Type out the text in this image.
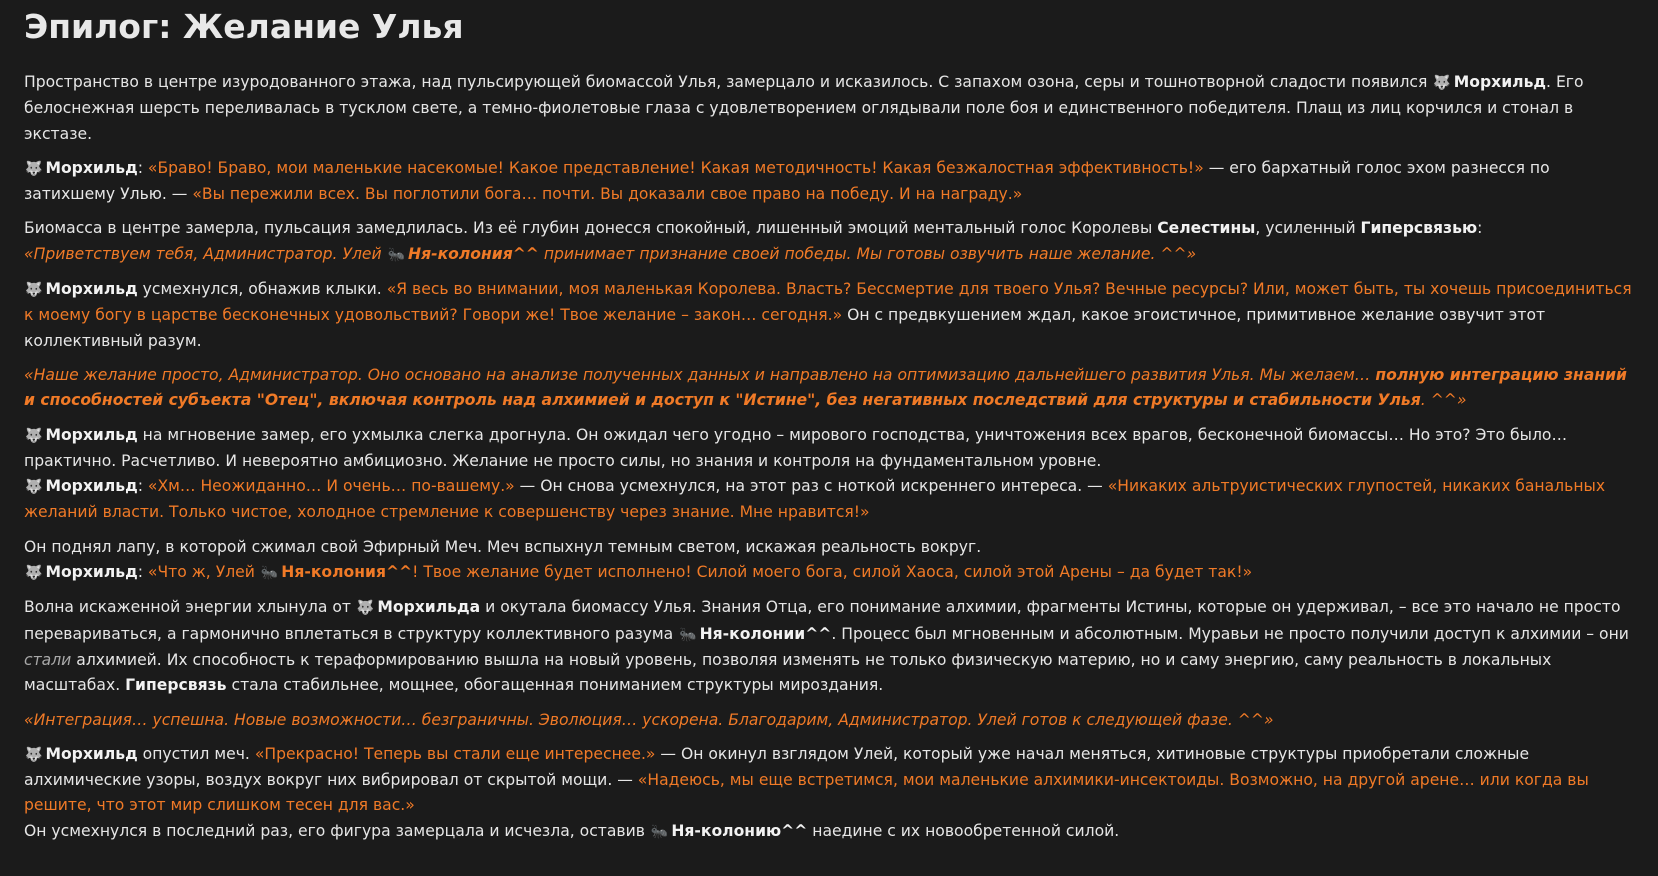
Эпилог: Желание Улья

Пространство в центре изуродованного этажа, над пульсирующей биомассой Улья, замерцало и исказилось. С запахом озона, серы и тошнотворной сладости появился 🐺 Морхильд. Его белоснежная шерсть переливалась в тусклом свете, а темно-фиолетовые глаза с удовлетворением оглядывали поле боя и единственного победителя. Плащ из лиц корчился и стонал в экстазе.

🐺 Морхильд: «Браво! Браво, мои маленькие насекомые! Какое представление! Какая методичность! Какая безжалостная эффективность!» — его бархатный голос эхом разнесся по затихшему Улью. — «Вы пережили всех. Вы поглотили бога… почти. Вы доказали свое право на победу. И на награду.»

Биомасса в центре замерла, пульсация замедлилась. Из её глубин донесся спокойный, лишенный эмоций ментальный голос Королевы Селестины, усиленный Гиперсвязью:
«Приветствуем тебя, Администратор. Улей 🐜 Ня-колония^^ принимает признание своей победы. Мы готовы озвучить наше желание. ^^»

🐺 Морхильд усмехнулся, обнажив клыки. «Я весь во внимании, моя маленькая Королева. Власть? Бессмертие для твоего Улья? Вечные ресурсы? Или, может быть, ты хочешь присоединиться к моему богу в царстве бесконечных удовольствий? Говори же! Твое желание – закон… сегодня.» Он с предвкушением ждал, какое эгоистичное, примитивное желание озвучит этот коллективный разум.

«Наше желание просто, Администратор. Оно основано на анализе полученных данных и направлено на оптимизацию дальнейшего развития Улья. Мы желаем… полную интеграцию знаний и способностей субъекта "Отец", включая контроль над алхимией и доступ к "Истине", без негативных последствий для структуры и стабильности Улья. ^^»

🐺 Морхильд на мгновение замер, его ухмылка слегка дрогнула. Он ожидал чего угодно – мирового господства, уничтожения всех врагов, бесконечной биомассы… Но это? Это было… практично. Расчетливо. И невероятно амбициозно. Желание не просто силы, но знания и контроля на фундаментальном уровне.

🐺 Морхильд: «Хм… Неожиданно… И очень… по-вашему.» — Он снова усмехнулся, на этот раз с ноткой искреннего интереса. — «Никаких альтруистических глупостей, никаких банальных желаний власти. Только чистое, холодное стремление к совершенству через знание. Мне нравится!»

Он поднял лапу, в которой сжимал свой Эфирный Меч. Меч вспыхнул темным светом, искажая реальность вокруг.

🐺 Морхильд: «Что ж, Улей 🐜 Ня-колония^^! Твое желание будет исполнено! Силой моего бога, силой Хаоса, силой этой Арены – да будет так!»

Волна искаженной энергии хлынула от 🐺 Морхильда и окутала биомассу Улья. Знания Отца, его понимание алхимии, фрагменты Истины, которые он удерживал, – все это начало не просто перевариваться, а гармонично вплетаться в структуру коллективного разума 🐜 Ня-колонии^^. Процесс был мгновенным и абсолютным. Муравьи не просто получили доступ к алхимии – они стали алхимией. Их способность к тераформированию вышла на новый уровень, позволяя изменять не только физическую материю, но и саму энергию, саму реальность в локальных масштабах. Гиперсвязь стала стабильнее, мощнее, обогащенная пониманием структуры мироздания.

«Интеграция… успешна. Новые возможности… безграничны. Эволюция… ускорена. Благодарим, Администратор. Улей готов к следующей фазе. ^^»

🐺 Морхильд опустил меч. «Прекрасно! Теперь вы стали еще интереснее.» — Он окинул взглядом Улей, который уже начал меняться, хитиновые структуры приобретали сложные алхимические узоры, воздух вокруг них вибрировал от скрытой мощи. — «Надеюсь, мы еще встретимся, мои маленькие алхимики-инсектоиды. Возможно, на другой арене… или когда вы решите, что этот мир слишком тесен для вас.»

Он усмехнулся в последний раз, его фигура замерцала и исчезла, оставив 🐜 Ня-колонию^^ наедине с их новообретенной силой.
